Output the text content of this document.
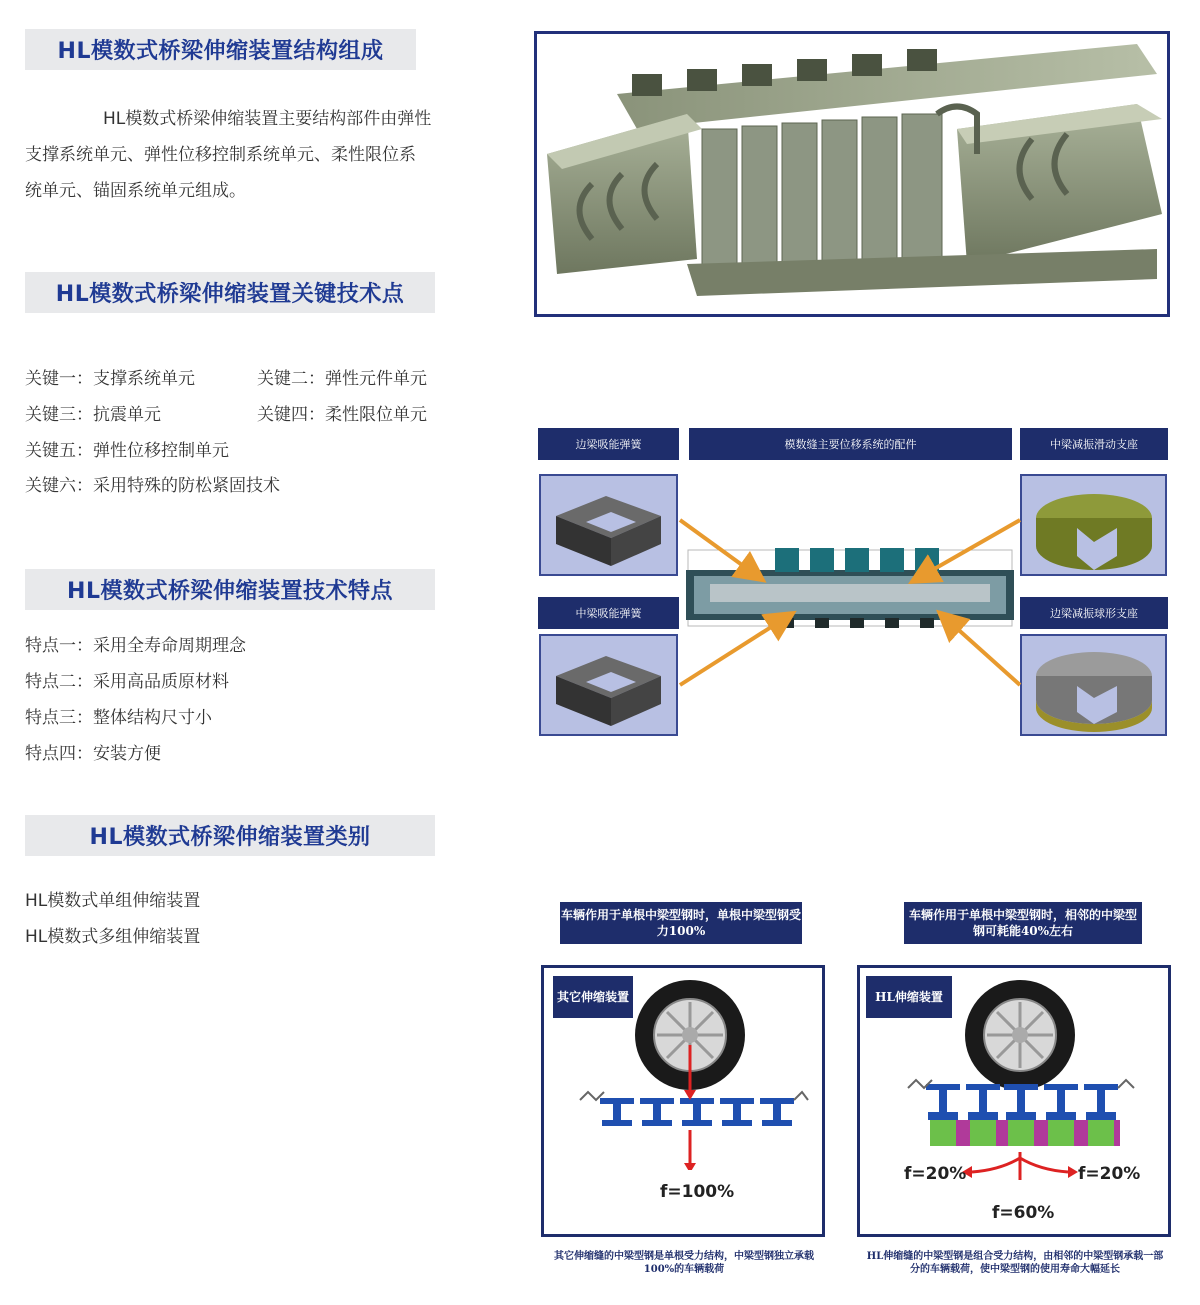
HL模数式桥梁伸缩装置结构组成
HL模数式桥梁伸缩装置主要结构部件由弹性
支撑系统单元、弹性位移控制系统单元、柔性限位系
统单元、锚固系统单元组成。
HL模数式桥梁伸缩装置关键技术点
关键一：支撑系统单元	关键二：弹性元件单元
关键三：抗震单元	关键四：柔性限位单元
关键五：弹性位移控制单元
关键六：采用特殊的防松紧固技术
HL模数式桥梁伸缩装置技术特点
特点一：采用全寿命周期理念
特点二：采用高品质原材料
特点三：整体结构尺寸小
特点四：安装方便
HL模数式桥梁伸缩装置类别
HL模数式单组伸缩装置
HL模数式多组伸缩装置
边梁吸能弹簧	模数缝主要位移系统的配件	中梁减振滑动支座
中梁吸能弹簧	边梁减振球形支座
车辆作用于单根中梁型钢时，单根中梁型钢受力100%
车辆作用于单根中梁型钢时，相邻的中梁型钢可耗能40%左右
其它伸缩装置	HL伸缩装置
f=100%
f=20%	f=20%
f=60%
其它伸缩缝的中梁型钢是单根受力结构，中梁型钢独立承载100%的车辆载荷
HL伸缩缝的中梁型钢是组合受力结构，由相邻的中梁型钢承载一部分的车辆载荷，使中梁型钢的使用寿命大幅延长
